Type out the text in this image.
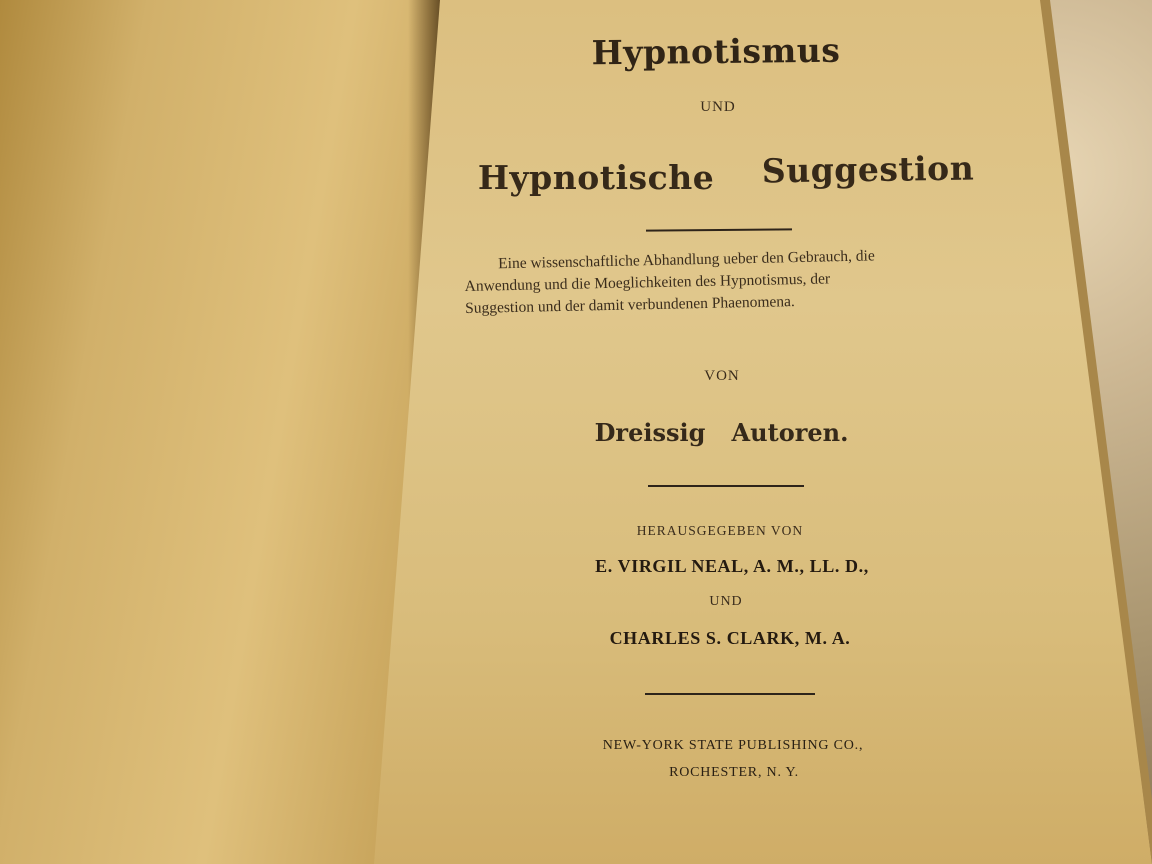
Hypnotismus
UND
Hypnotische Suggestion
Eine wissenschaftliche Abhandlung ueber den Gebrauch, die
Anwendung und die Moeglichkeiten des Hypnotismus, der
Suggestion und der damit verbundenen Phaenomena.
VON
Dreissig Autoren.
HERAUSGEGEBEN VON
E. VIRGIL NEAL, A. M., LL. D.,
UND
CHARLES S. CLARK, M. A.
NEW-YORK STATE PUBLISHING CO.,
ROCHESTER, N. Y.
